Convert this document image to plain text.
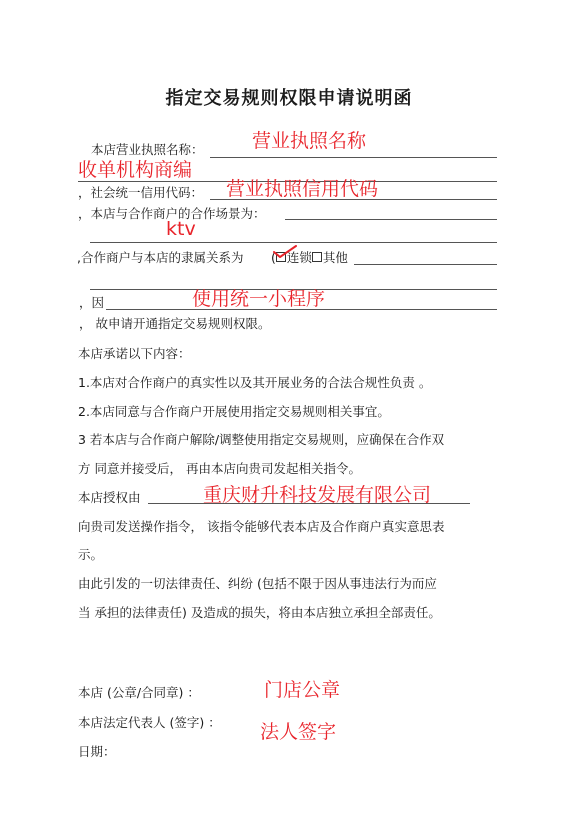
指定交易规则权限申请说明函
本店营业执照名称：	营业执照名称
收单机构商编
，社会统一信用代码： 营业执照信用代码
，本店与合作商户的合作场景为：
ktv
,合作商户与本店的隶属关系为 ( 连锁 其他
，因	使用统一小程序
， 故申请开通指定交易规则权限。
本店承诺以下内容：
1.本店对合作商户的真实性以及其开展业务的合法合规性负责 。
2.本店同意与合作商户开展使用指定交易规则相关事宜。
3 若本店与合作商户解除/调整使用指定交易规则，应确保在合作双
方 同意并接受后， 再由本店向贵司发起相关指令。
本店授权由	重庆财升科技发展有限公司
向贵司发送操作指令， 该指令能够代表本店及合作商户真实意思表
示。
由此引发的一切法律责任、纠纷 (包括不限于因从事违法行为而应
当 承担的法律责任) 及造成的损失，将由本店独立承担全部责任。
本店 (公章/合同章) ：	门店公章
本店法定代表人 (签字) ： 法人签字
日期：
